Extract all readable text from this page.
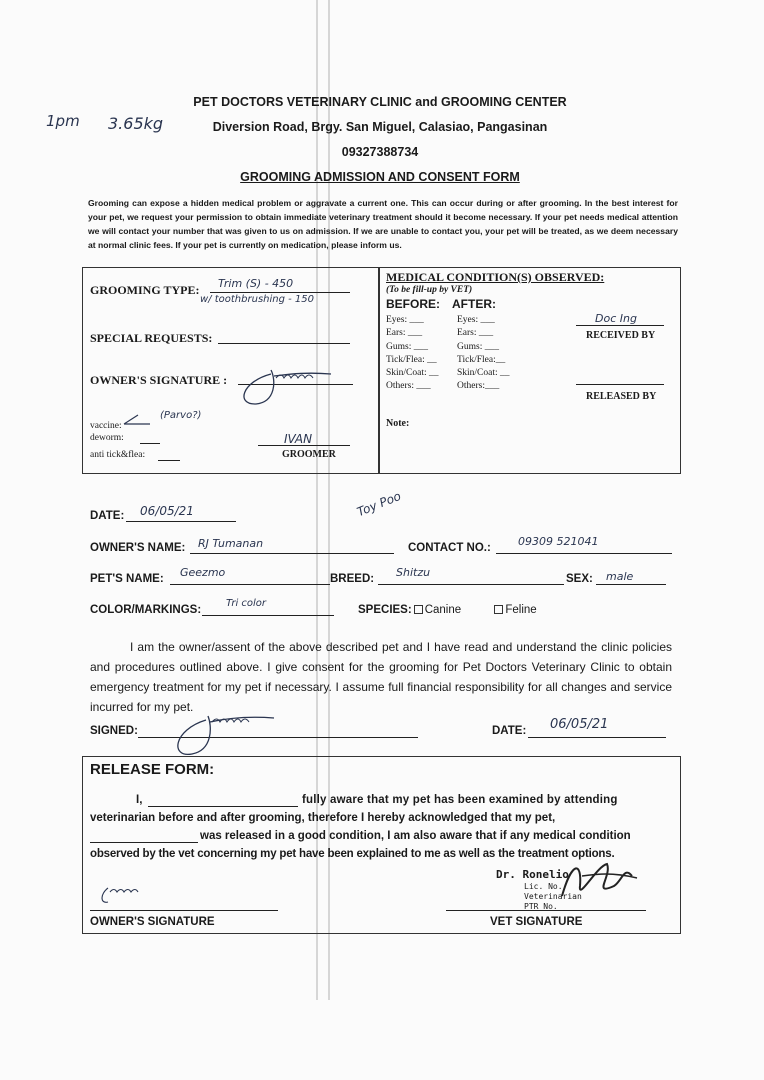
1pm 3.65kg
PET DOCTORS VETERINARY CLINIC and GROOMING CENTER
Diversion Road, Brgy. San Miguel, Calasiao, Pangasinan
09327388734
GROOMING ADMISSION AND CONSENT FORM
Grooming can expose a hidden medical problem or aggravate a current one. This can occur during or after grooming. In the best interest for your pet, we request your permission to obtain immediate veterinary treatment should it become necessary. If your pet needs medical attention we will contact your number that was given to us on admission. If we are unable to contact you, your pet will be treated, as we deem necessary at normal clinic fees. If your pet is currently on medication, please inform us.
GROOMING TYPE: Trim (S) - 450
w/ toothbrushing - 150
SPECIAL REQUESTS:
OWNER'S SIGNATURE :
vaccine:
(Parvo?)
deworm:
anti tick&flea:
IVAN
GROOMER
MEDICAL CONDITION(S) OBSERVED:
(To be fill-up by VET)
BEFORE: AFTER:
Eyes: ___
Ears: ___
Gums: ___
Tick/Flea: __
Skin/Coat: __
Others: ___
Eyes: ___
Ears: ___
Gums: ___
Tick/Flea:__
Skin/Coat: __
Others:___
Doc Ing
RECEIVED BY
RELEASED BY
Note:
Toy Poo
DATE: 06/05/21
OWNER'S NAME: RJ Tumanan	CONTACT NO.: 09309 521041
PET'S NAME: Geezmo	BREED: Shitzu	SEX: male
COLOR/MARKINGS:
Tri color
SPECIES: Canine	Feline
I am the owner/assent of the above described pet and I have read and understand the clinic policies and procedures outlined above. I give consent for the grooming for Pet Doctors Veterinary Clinic to obtain emergency treatment for my pet if necessary. I assume full financial responsibility for all changes and service incurred for my pet.
SIGNED:	DATE: 06/05/21
RELEASE FORM:
I,	fully aware that my pet has been examined by attending
veterinarian before and after grooming, therefore I hereby acknowledged that my pet,
was released in a good condition, I am also aware that if any medical condition
observed by the vet concerning my pet have been explained to me as well as the treatment options.
OWNER'S SIGNATURE
Dr. Ronelio
Lic. No.
Veterinarian
PTR No.
VET SIGNATURE
